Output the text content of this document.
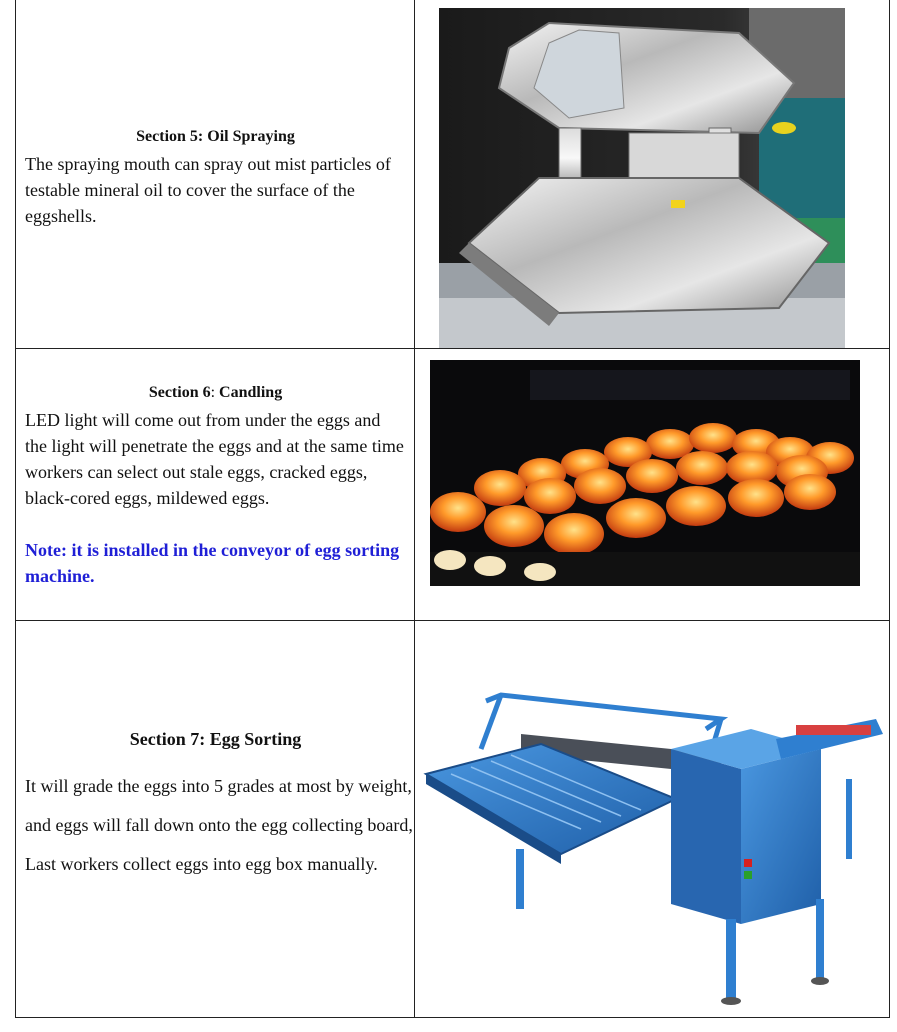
Section 5: Oil Spraying
The spraying mouth can spray out mist particles of testable mineral oil to cover the surface of the eggshells.
Section 6: Candling
LED light will come out from under the eggs and the light will penetrate the eggs and at the same time workers can select out stale eggs, cracked eggs, black-cored eggs, mildewed eggs.
Note: it is installed in the conveyor of egg sorting machine.
Section 7: Egg Sorting
It will grade the eggs into 5 grades at most by weight, and eggs will fall down onto the egg collecting board, Last workers collect eggs into egg box manually.
